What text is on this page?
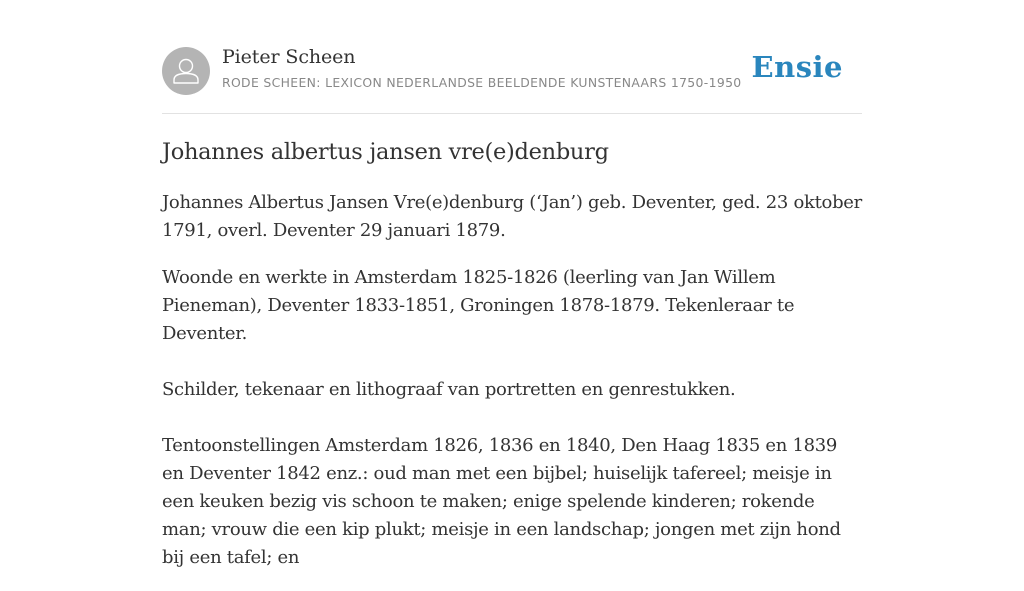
Pieter Scheen
RODE SCHEEN: LEXICON NEDERLANDSE BEELDENDE KUNSTENAARS 1750-1950 Ensie
Johannes albertus jansen vre(e)denburg

Johannes Albertus Jansen Vre(e)denburg (‘Jan’) geb. Deventer, ged. 23 oktober 1791, overl. Deventer 29 januari 1879.

Woonde en werkte in Amsterdam 1825-1826 (leerling van Jan Willem Pieneman), Deventer 1833-1851, Groningen 1878-1879. Tekenleraar te Deventer.

Schilder, tekenaar en lithograaf van portretten en genrestukken.

Tentoonstellingen Amsterdam 1826, 1836 en 1840, Den Haag 1835 en 1839 en Deventer 1842 enz.: oud man met een bijbel; huiselijk tafereel; meisje in een keuken bezig vis schoon te maken; enige spelende kinderen; rokende man; vrouw die een kip plukt; meisje in een landschap; jongen met zijn hond bij een tafel; en
